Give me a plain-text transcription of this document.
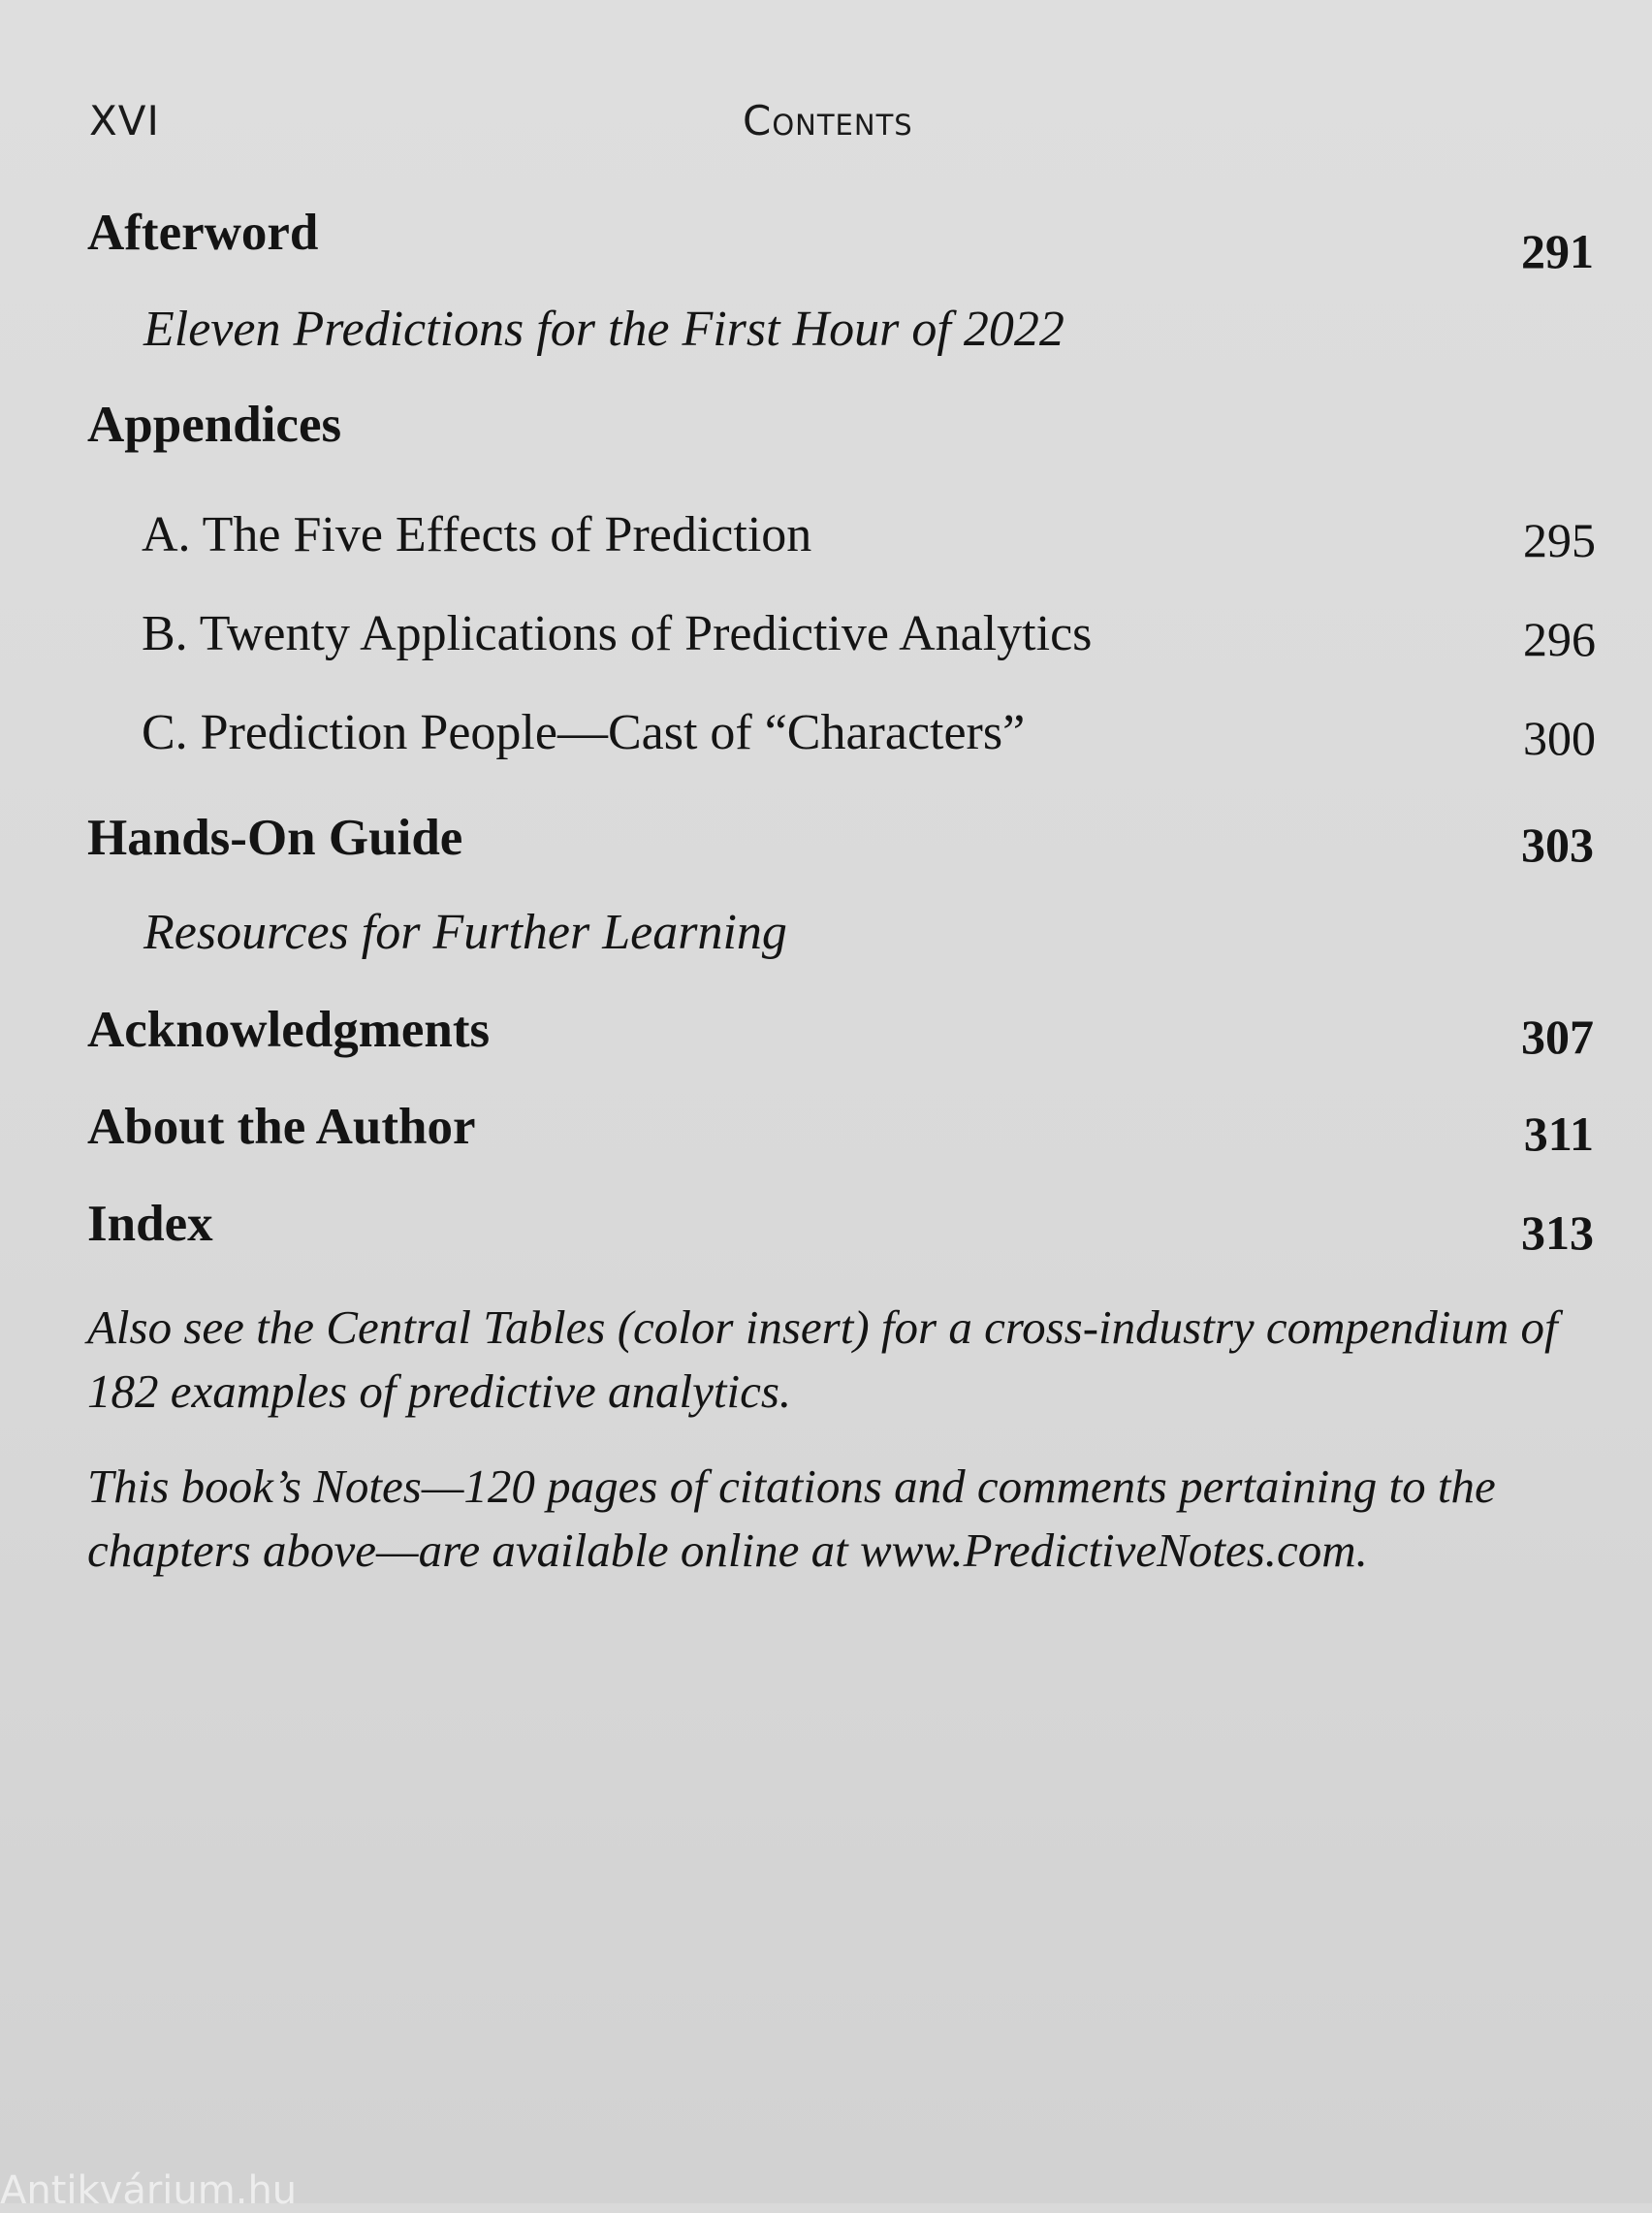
XVI	Contents
Afterword	291
Eleven Predictions for the First Hour of 2022
Appendices
A. The Five Effects of Prediction	295
B. Twenty Applications of Predictive Analytics	296
C. Prediction People—Cast of “Characters”	300
Hands-On Guide	303
Resources for Further Learning
Acknowledgments	307
About the Author	311
Index	313

Also see the Central Tables (color insert) for a cross-industry compendium of 182 examples of predictive analytics.

This book’s Notes—120 pages of citations and comments pertaining to the chapters above—are available online at www.PredictiveNotes.com.

Antikvárium.hu
